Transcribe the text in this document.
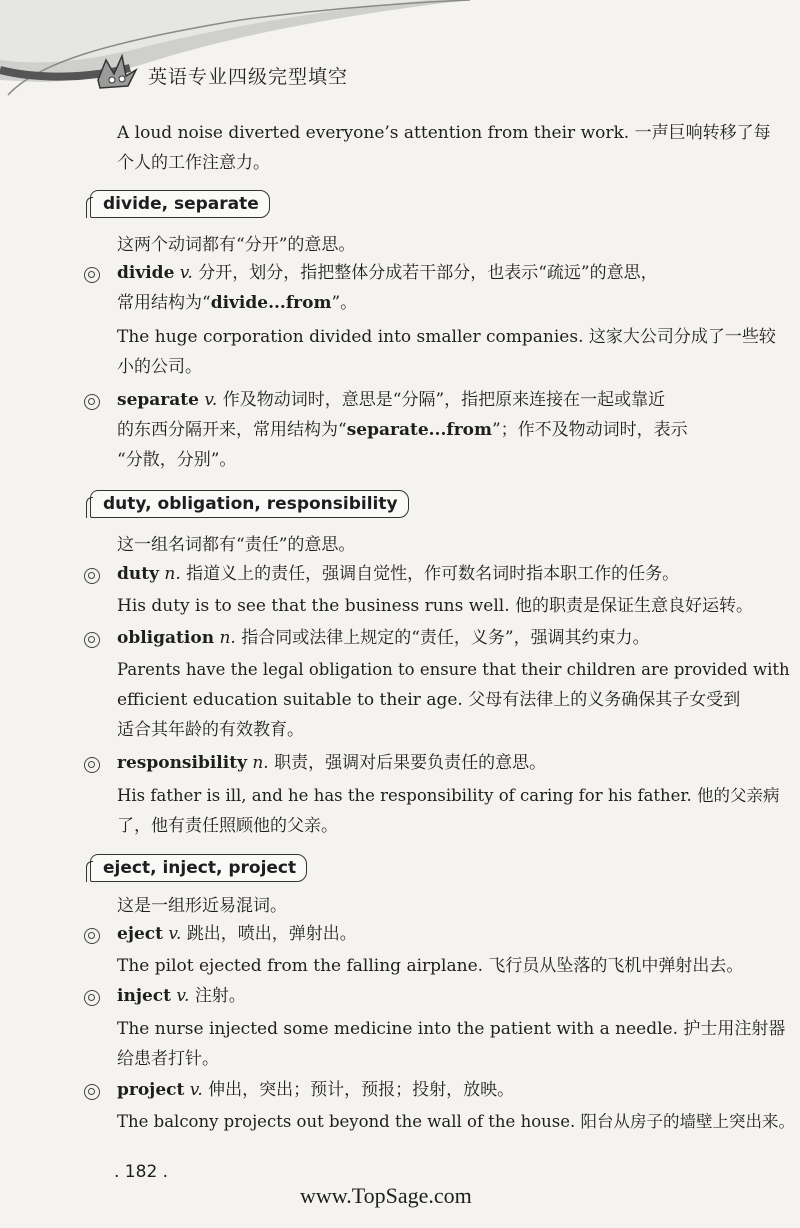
英语专业四级完型填空
A loud noise diverted everyone’s attention from their work. 一声巨响转移了每
个人的工作注意力。
divide, separate
这两个动词都有“分开”的意思。
divide v. 分开，划分，指把整体分成若干部分，也表示“疏远”的意思，
常用结构为“divide...from”。
The huge corporation divided into smaller companies. 这家大公司分成了一些较
小的公司。
separate v. 作及物动词时，意思是“分隔”，指把原来连接在一起或靠近
的东西分隔开来，常用结构为“separate...from”；作不及物动词时，表示
“分散，分别”。
duty, obligation, responsibility
这一组名词都有“责任”的意思。
duty n. 指道义上的责任，强调自觉性，作可数名词时指本职工作的任务。
His duty is to see that the business runs well. 他的职责是保证生意良好运转。
obligation n. 指合同或法律上规定的“责任，义务”，强调其约束力。
Parents have the legal obligation to ensure that their children are provided with
efficient education suitable to their age. 父母有法律上的义务确保其子女受到
适合其年龄的有效教育。
responsibility n. 职责，强调对后果要负责任的意思。
His father is ill, and he has the responsibility of caring for his father. 他的父亲病
了，他有责任照顾他的父亲。
eject, inject, project
这是一组形近易混词。
eject v. 跳出，喷出，弹射出。
The pilot ejected from the falling airplane. 飞行员从坠落的飞机中弹射出去。
inject v. 注射。
The nurse injected some medicine into the patient with a needle. 护士用注射器
给患者打针。
project v. 伸出，突出；预计，预报；投射，放映。
The balcony projects out beyond the wall of the house. 阳台从房子的墙壁上突出来。
. 182 .
www.TopSage.com
